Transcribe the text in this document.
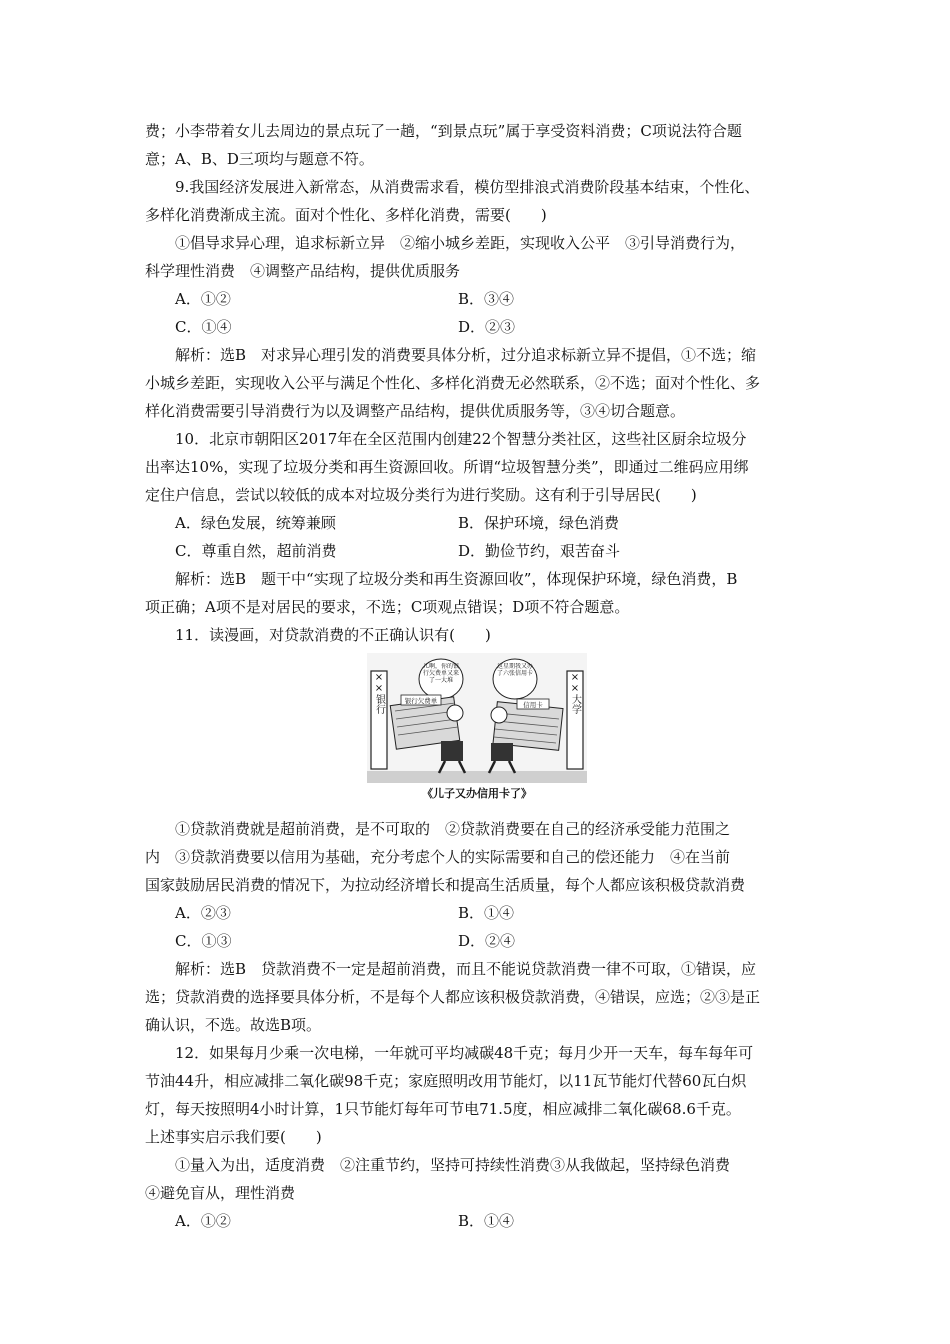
费；小李带着女儿去周边的景点玩了一趟，“到景点玩”属于享受资料消费；C项说法符合题
意；A、B、D三项均与题意不符。
9.我国经济发展进入新常态，从消费需求看，模仿型排浪式消费阶段基本结束，个性化、
多样化消费渐成主流。面对个性化、多样化消费，需要(　　)
①倡导求异心理，追求标新立异　②缩小城乡差距，实现收入公平　③引导消费行为，
科学理性消费　④调整产品结构，提供优质服务
A．①②	B．③④
C．①④	D．②③
解析：选B　对求异心理引发的消费要具体分析，过分追求标新立异不提倡，①不选；缩
小城乡差距，实现收入公平与满足个性化、多样化消费无必然联系，②不选；面对个性化、多
样化消费需要引导消费行为以及调整产品结构，提供优质服务等，③④切合题意。
10．北京市朝阳区2017年在全区范围内创建22个智慧分类社区，这些社区厨余垃圾分
出率达10%，实现了垃圾分类和再生资源回收。所谓“垃圾智慧分类”，即通过二维码应用绑
定住户信息，尝试以较低的成本对垃圾分类行为进行奖励。这有利于引导居民(　　)
A．绿色发展，统筹兼顾	B．保护环境，绿色消费
C．尊重自然，超前消费	D．勤俭节约，艰苦奋斗
解析：选B　题干中“实现了垃圾分类和再生资源回收”，体现保护环境，绿色消费，B
项正确；A项不是对居民的要求，不选；C项观点错误；D项不符合题意。
11．读漫画，对贷款消费的不正确认识有(　　)
××银行	××大学
儿啊，你的银行欠费单又来了一大堆
这星期我又办了六张信用卡
银行欠费单	信用卡
《儿子又办信用卡了》
①贷款消费就是超前消费，是不可取的　②贷款消费要在自己的经济承受能力范围之
内　③贷款消费要以信用为基础，充分考虑个人的实际需要和自己的偿还能力　④在当前
国家鼓励居民消费的情况下，为拉动经济增长和提高生活质量，每个人都应该积极贷款消费
A．②③	B．①④
C．①③	D．②④
解析：选B　贷款消费不一定是超前消费，而且不能说贷款消费一律不可取，①错误，应
选；贷款消费的选择要具体分析，不是每个人都应该积极贷款消费，④错误，应选；②③是正
确认识，不选。故选B项。
12．如果每月少乘一次电梯，一年就可平均减碳48千克；每月少开一天车，每车每年可
节油44升，相应减排二氧化碳98千克；家庭照明改用节能灯，以11瓦节能灯代替60瓦白炽
灯，每天按照明4小时计算，1只节能灯每年可节电71.5度，相应减排二氧化碳68.6千克。
上述事实启示我们要(　　)
①量入为出，适度消费　②注重节约，坚持可持续性消费③从我做起，坚持绿色消费
④避免盲从，理性消费
A．①②	B．①④
